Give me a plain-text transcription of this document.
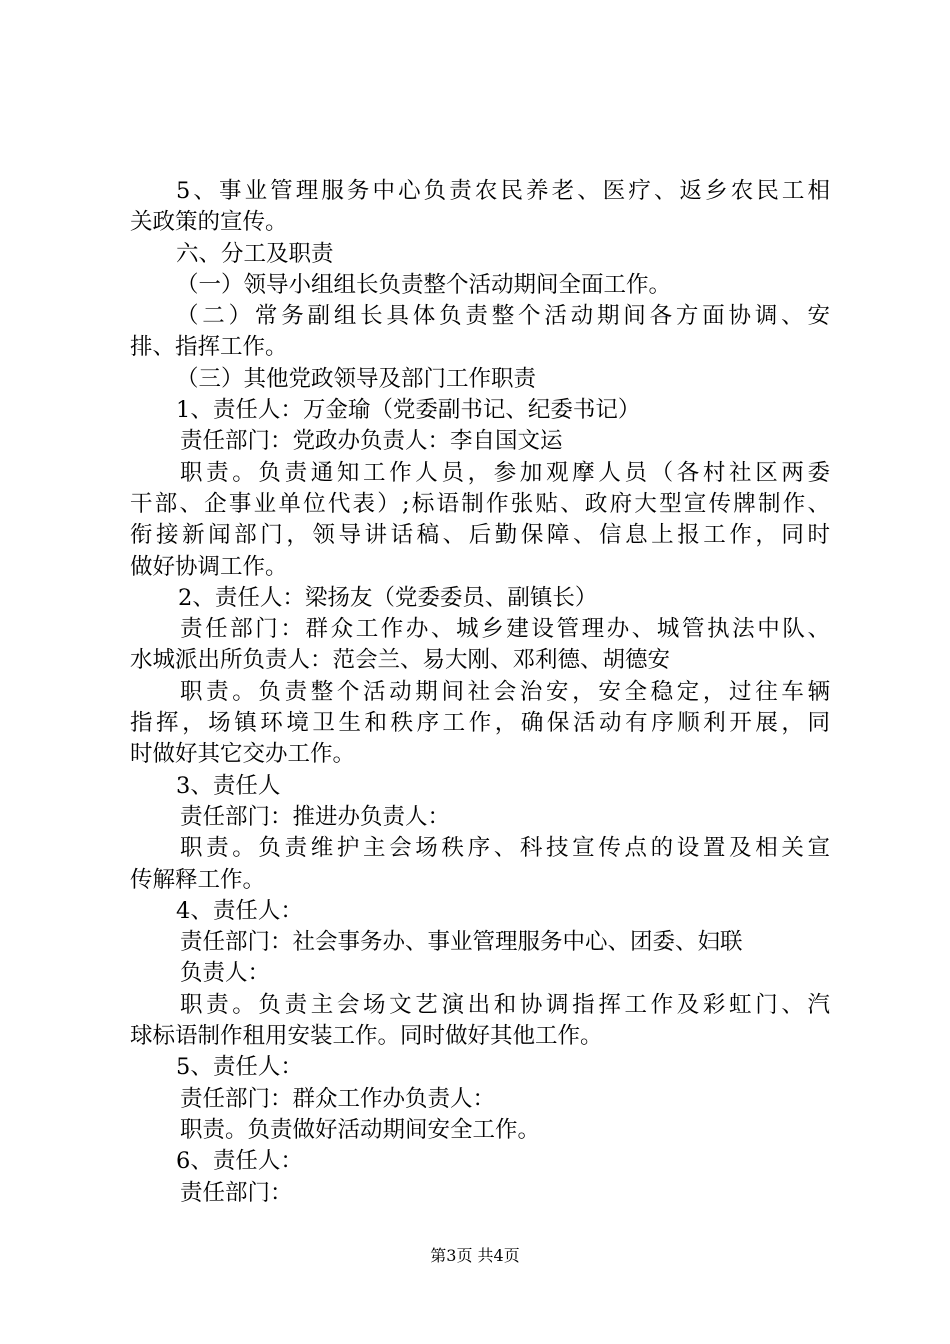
5、事业管理服务中心负责农民养老、医疗、返乡农民工相
关政策的宣传。
六、分工及职责
（一）领导小组组长负责整个活动期间全面工作。
（二）常务副组长具体负责整个活动期间各方面协调、安
排、指挥工作。
（三）其他党政领导及部门工作职责
1、责任人：万金瑜（党委副书记、纪委书记）
责任部门：党政办负责人：李自国文运
职责。负责通知工作人员，参加观摩人员（各村社区两委
干部、企事业单位代表）;标语制作张贴、政府大型宣传牌制作、
衔接新闻部门，领导讲话稿、后勤保障、信息上报工作，同时
做好协调工作。
2、责任人：梁扬友（党委委员、副镇长）
责任部门：群众工作办、城乡建设管理办、城管执法中队、
水城派出所负责人：范会兰、易大刚、邓利德、胡德安
职责。负责整个活动期间社会治安，安全稳定，过往车辆
指挥，场镇环境卫生和秩序工作，确保活动有序顺利开展，同
时做好其它交办工作。
3、责任人
责任部门：推进办负责人：
职责。负责维护主会场秩序、科技宣传点的设置及相关宣
传解释工作。
4、责任人：
责任部门：社会事务办、事业管理服务中心、团委、妇联
负责人：
职责。负责主会场文艺演出和协调指挥工作及彩虹门、汽
球标语制作租用安装工作。同时做好其他工作。
5、责任人：
责任部门：群众工作办负责人：
职责。负责做好活动期间安全工作。
6、责任人：
责任部门：
第3页 共4页
